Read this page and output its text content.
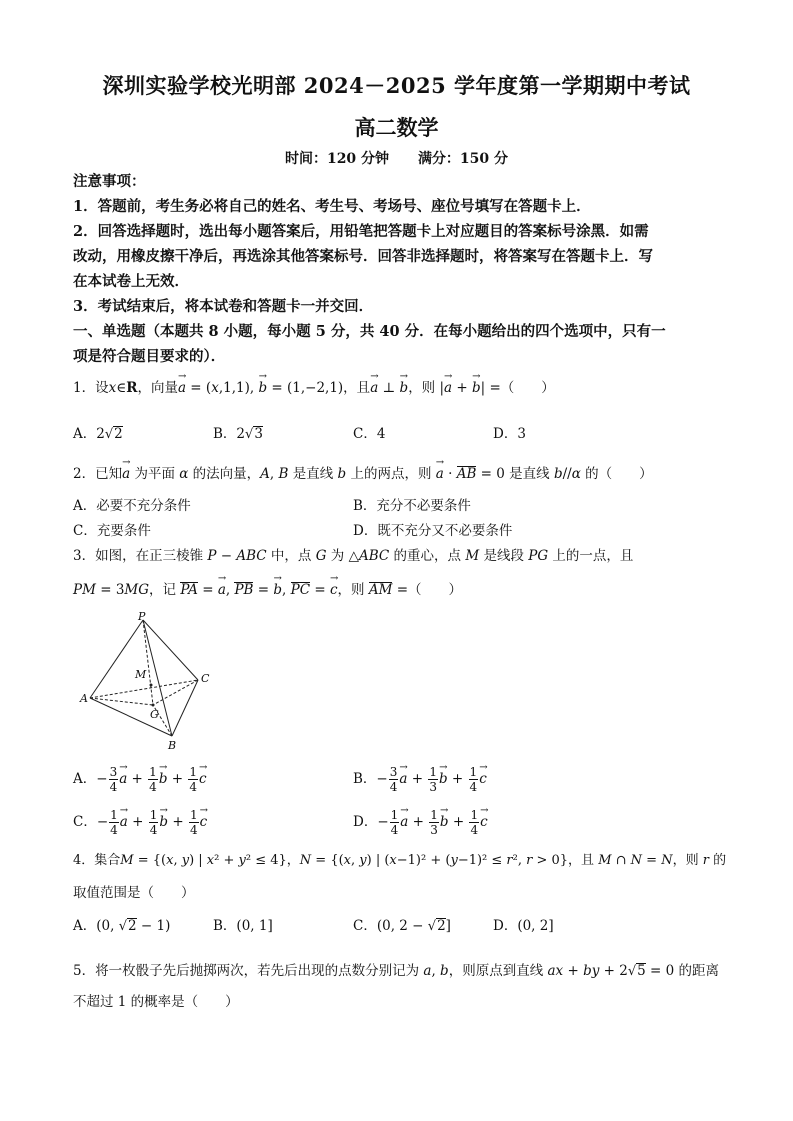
深圳实验学校光明部 2024－2025 学年度第一学期期中考试
高二数学
时间：120 分钟 满分：150 分
注意事项：
1．答题前，考生务必将自己的姓名、考生号、考场号、座位号填写在答题卡上．
2．回答选择题时，选出每小题答案后，用铅笔把答题卡上对应题目的答案标号涂黑．如需
改动，用橡皮擦干净后，再选涂其他答案标号．回答非选择题时，将答案写在答题卡上．写
在本试卷上无效．
3．考试结束后，将本试卷和答题卡一并交回．
一、单选题（本题共 8 小题，每小题 5 分，共 40 分．在每小题给出的四个选项中，只有一
项是符合题目要求的）．
1．设x∈R，向量→ a = (x,1,1), → b = (1,−2,1)，且→ a ⊥ → b，则 |→ a + → b| =（　　）
A．2√2	B．2√3	C．4	D．3
2．已知→ a 为平面 α 的法向量，A, B 是直线 b 上的两点，则 → a · AB = 0 是直线 b//α 的（　　）
A．必要不充分条件	B．充分不必要条件
C．充要条件	D．既不充分又不必要条件
3．如图，在正三棱锥 P − ABC 中，点 G 为 △ABC 的重心，点 M 是线段 PG 上的一点，且
PM = 3MG，记 PA = → a, PB = → b, PC = → c，则 AM =（　　）
P
A
B
C
M
G
A．− $\frac{3}{4}$
→ $a + \frac{1}{4}$
→ $b + \frac{1}{4}$
→ c	B．− $\frac{3}{4}$
→ $a + \frac{1}{3}$
→ $b + \frac{1}{4}$
→ c
C．− $\frac{1}{4}$
→ $a + \frac{1}{4}$
→ $b + \frac{1}{4}$
→ c	D．− $\frac{1}{4}$
→ $a + \frac{1}{3}$
→ $b + \frac{1}{4}$
→ c
4．集合M = {(x, y) | x² + y² ≤ 4}，N = {(x, y) | (x−1)² + (y−1)² ≤ r², r > 0}，且 M ∩ N = N，则 r 的
取值范围是（　　）
A．(0, √2 − 1)	B．(0, 1]	C．(0, 2 − √2]	D．(0, 2]
5．将一枚骰子先后抛掷两次，若先后出现的点数分别记为 a, b，则原点到直线 ax + by + 2√5 = 0 的距离
不超过 1 的概率是（　　）
